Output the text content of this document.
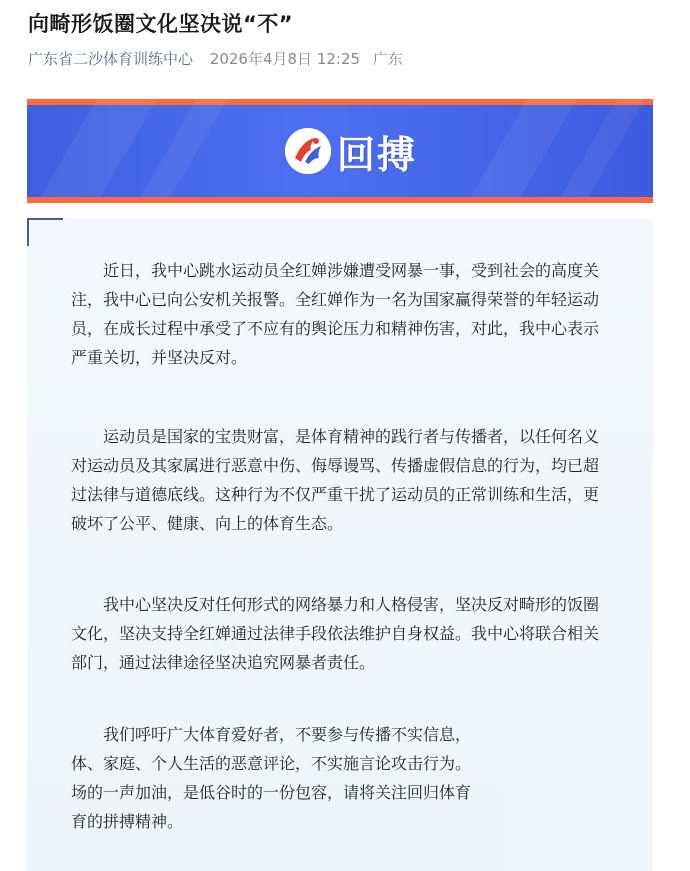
向畸形饭圈文化坚决说“不”
广东省二沙体育训练中心 2026年4月8日 12:25 广东
回搏
近日，我中心跳水运动员全红婵涉嫌遭受网暴一事，受到社会的高度关
注，我中心已向公安机关报警。全红婵作为一名为国家赢得荣誉的年轻运动
员，在成长过程中承受了不应有的舆论压力和精神伤害，对此，我中心表示
严重关切，并坚决反对。
运动员是国家的宝贵财富，是体育精神的践行者与传播者，以任何名义
对运动员及其家属进行恶意中伤、侮辱谩骂、传播虚假信息的行为，均已超
过法律与道德底线。这种行为不仅严重干扰了运动员的正常训练和生活，更
破坏了公平、健康、向上的体育生态。
我中心坚决反对任何形式的网络暴力和人格侵害，坚决反对畸形的饭圈
文化，坚决支持全红婵通过法律手段依法维护自身权益。我中心将联合相关
部门，通过法律途径坚决追究网暴者责任。
我们呼吁广大体育爱好者，不要参与传播不实信息，
体、家庭、个人生活的恶意评论，不实施言论攻击行为。
场的一声加油，是低谷时的一份包容，请将关注回归体育
育的拼搏精神。
